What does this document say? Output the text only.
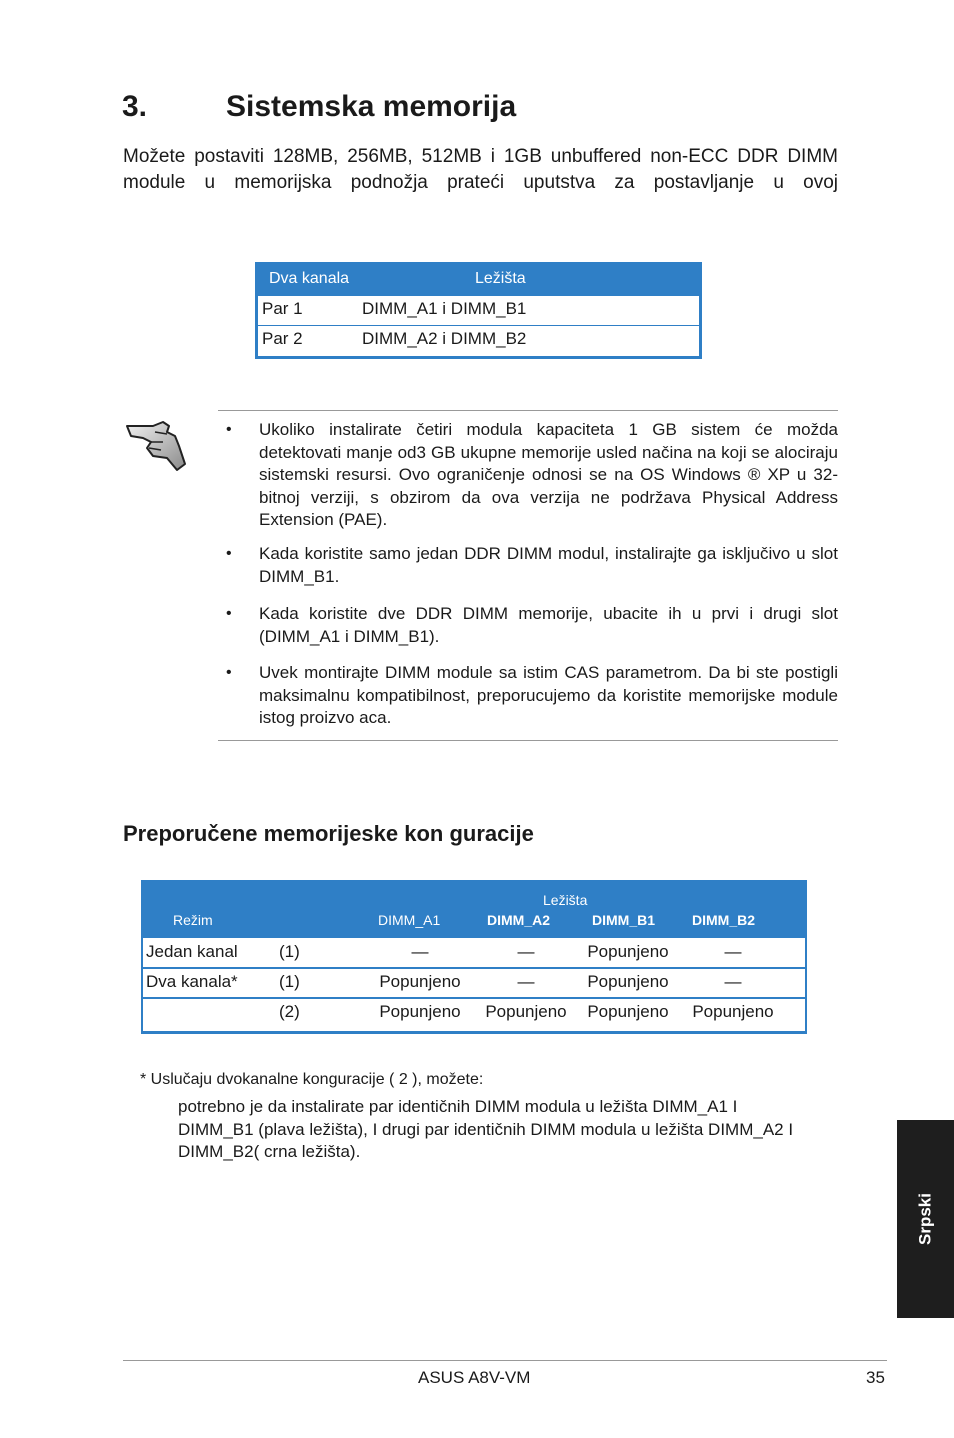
3.	Sistemska memorija
Možete postaviti 128MB, 256MB, 512MB i 1GB unbuffered non-ECC DDR DIMM module u memorijska podnožja prateći uputstva za postavljanje u ovoj
Dva kanala	Ležišta
Par 1	DIMM_A1 i DIMM_B1
Par 2	DIMM_A2 i DIMM_B2
• Ukoliko instalirate četiri modula kapaciteta 1 GB sistem će možda detektovati manje od3 GB ukupne memorije usled načina na koji se alociraju sistemski resursi. Ovo ograničenje odnosi se na OS Windows ® XP u 32-bitnoj verziji, s obzirom da ova verzija ne podržava Physical Address Extension (PAE).
• Kada koristite samo jedan DDR DIMM modul, instalirajte ga isključivo u slot DIMM_B1.
• Kada koristite dve DDR DIMM memorije, ubacite ih u prvi i drugi slot (DIMM_A1 i DIMM_B1).
• Uvek montirajte DIMM module sa istim CAS parametrom. Da bi ste postigli maksimalnu kompatibilnost, preporucujemo da koristite memorijske module istog proizvo aca.
Preporučene memorijeske kon guracije
Ležišta
Režim	DIMM_A1	DIMM_A2	DIMM_B1	DIMM_B2
Jedan kanal (1)	—	—	Popunjeno	—
Dva kanala* (1)	Popunjeno	—	Popunjeno	—
(2)	Popunjeno	Popunjeno	Popunjeno	Popunjeno
* Uslučaju dvokanalne konguracije ( 2 ), možete:
potrebno je da instalirate par identičnih DIMM modula u ležišta DIMM_A1 I DIMM_B1 (plava ležišta), I drugi par identičnih DIMM modula u ležišta DIMM_A2 I DIMM_B2( crna ležišta).
Srpski
ASUS A8V-VM	35
